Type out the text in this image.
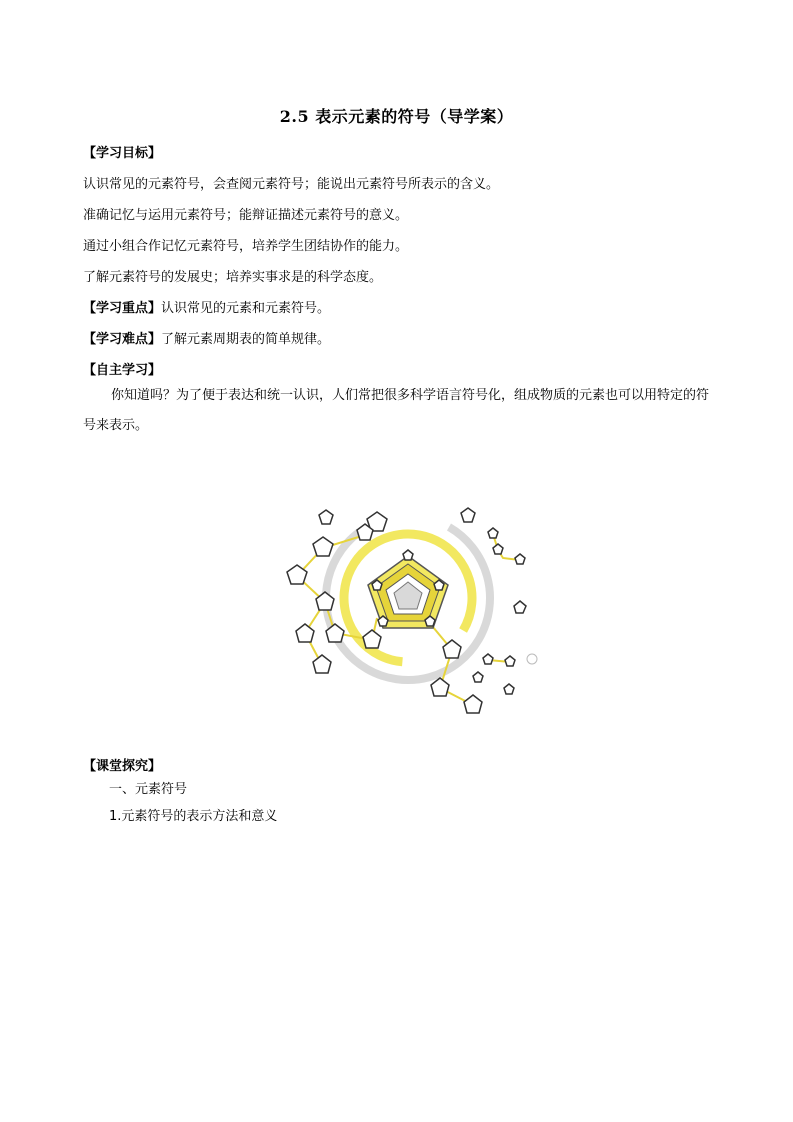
2.5 表示元素的符号（导学案）
【学习目标】
认识常见的元素符号，会查阅元素符号；能说出元素符号所表示的含义。
准确记忆与运用元素符号；能辩证描述元素符号的意义。
通过小组合作记忆元素符号，培养学生团结协作的能力。
了解元素符号的发展史；培养实事求是的科学态度。
【学习重点】认识常见的元素和元素符号。
【学习难点】了解元素周期表的简单规律。
【自主学习】
你知道吗？为了便于表达和统一认识，人们常把很多科学语言符号化，组成物质的元素也可以用特定的符号来表示。
【课堂探究】
一、元素符号
1.元素符号的表示方法和意义
